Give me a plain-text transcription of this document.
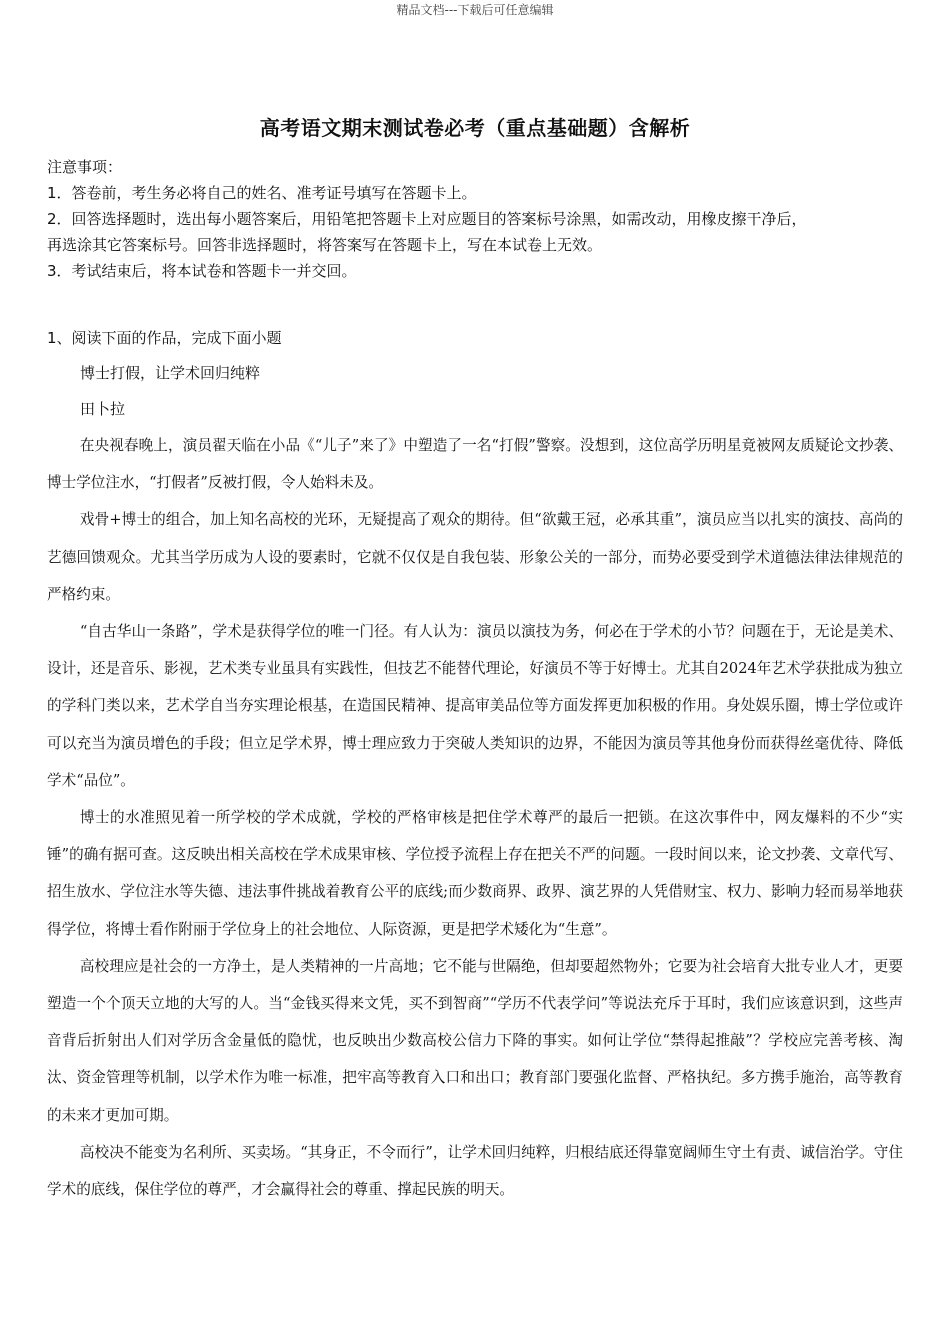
精品文档---下载后可任意编辑
高考语文期末测试卷必考（重点基础题）含解析
注意事项：
1．答卷前，考生务必将自己的姓名、准考证号填写在答题卡上。
2．回答选择题时，选出每小题答案后，用铅笔把答题卡上对应题目的答案标号涂黑，如需改动，用橡皮擦干净后，
再选涂其它答案标号。回答非选择题时，将答案写在答题卡上，写在本试卷上无效。
3．考试结束后，将本试卷和答题卡一并交回。
1、阅读下面的作品，完成下面小题
博士打假，让学术回归纯粹
田卜拉

在央视春晚上，演员翟天临在小品《“儿子”来了》中塑造了一名“打假”警察。没想到，这位高学历明星竟被网友质疑论文抄袭、博士学位注水，“打假者”反被打假，令人始料未及。

戏骨+博士的组合，加上知名高校的光环，无疑提高了观众的期待。但“欲戴王冠，必承其重”，演员应当以扎实的演技、高尚的艺德回馈观众。尤其当学历成为人设的要素时，它就不仅仅是自我包装、形象公关的一部分，而势必要受到学术道德法律法律规范的严格约束。

“自古华山一条路”，学术是获得学位的唯一门径。有人认为：演员以演技为务，何必在于学术的小节？问题在于，无论是美术、设计，还是音乐、影视，艺术类专业虽具有实践性，但技艺不能替代理论，好演员不等于好博士。尤其自2024年艺术学获批成为独立的学科门类以来，艺术学自当夯实理论根基，在造国民精神、提高审美品位等方面发挥更加积极的作用。身处娱乐圈，博士学位或许可以充当为演员增色的手段；但立足学术界，博士理应致力于突破人类知识的边界，不能因为演员等其他身份而获得丝毫优待、降低学术“品位”。

博士的水准照见着一所学校的学术成就，学校的严格审核是把住学术尊严的最后一把锁。在这次事件中，网友爆料的不少“实锤”的确有据可查。这反映出相关高校在学术成果审核、学位授予流程上存在把关不严的问题。一段时间以来，论文抄袭、文章代写、招生放水、学位注水等失德、违法事件挑战着教育公平的底线;而少数商界、政界、演艺界的人凭借财宝、权力、影响力轻而易举地获得学位，将博士看作附丽于学位身上的社会地位、人际资源，更是把学术矮化为“生意”。

高校理应是社会的一方净土，是人类精神的一片高地；它不能与世隔绝，但却要超然物外；它要为社会培育大批专业人才，更要塑造一个个顶天立地的大写的人。当“金钱买得来文凭，买不到智商”“学历不代表学问”等说法充斥于耳时，我们应该意识到，这些声音背后折射出人们对学历含金量低的隐忧，也反映出少数高校公信力下降的事实。如何让学位“禁得起推敲”？学校应完善考核、淘汰、资金管理等机制，以学术作为唯一标准，把牢高等教育入口和出口；教育部门要强化监督、严格执纪。多方携手施治，高等教育的未来才更加可期。

高校决不能变为名利所、买卖场。“其身正，不令而行”，让学术回归纯粹，归根结底还得靠宽阔师生守土有责、诚信治学。守住学术的底线，保住学位的尊严，才会赢得社会的尊重、撑起民族的明天。
